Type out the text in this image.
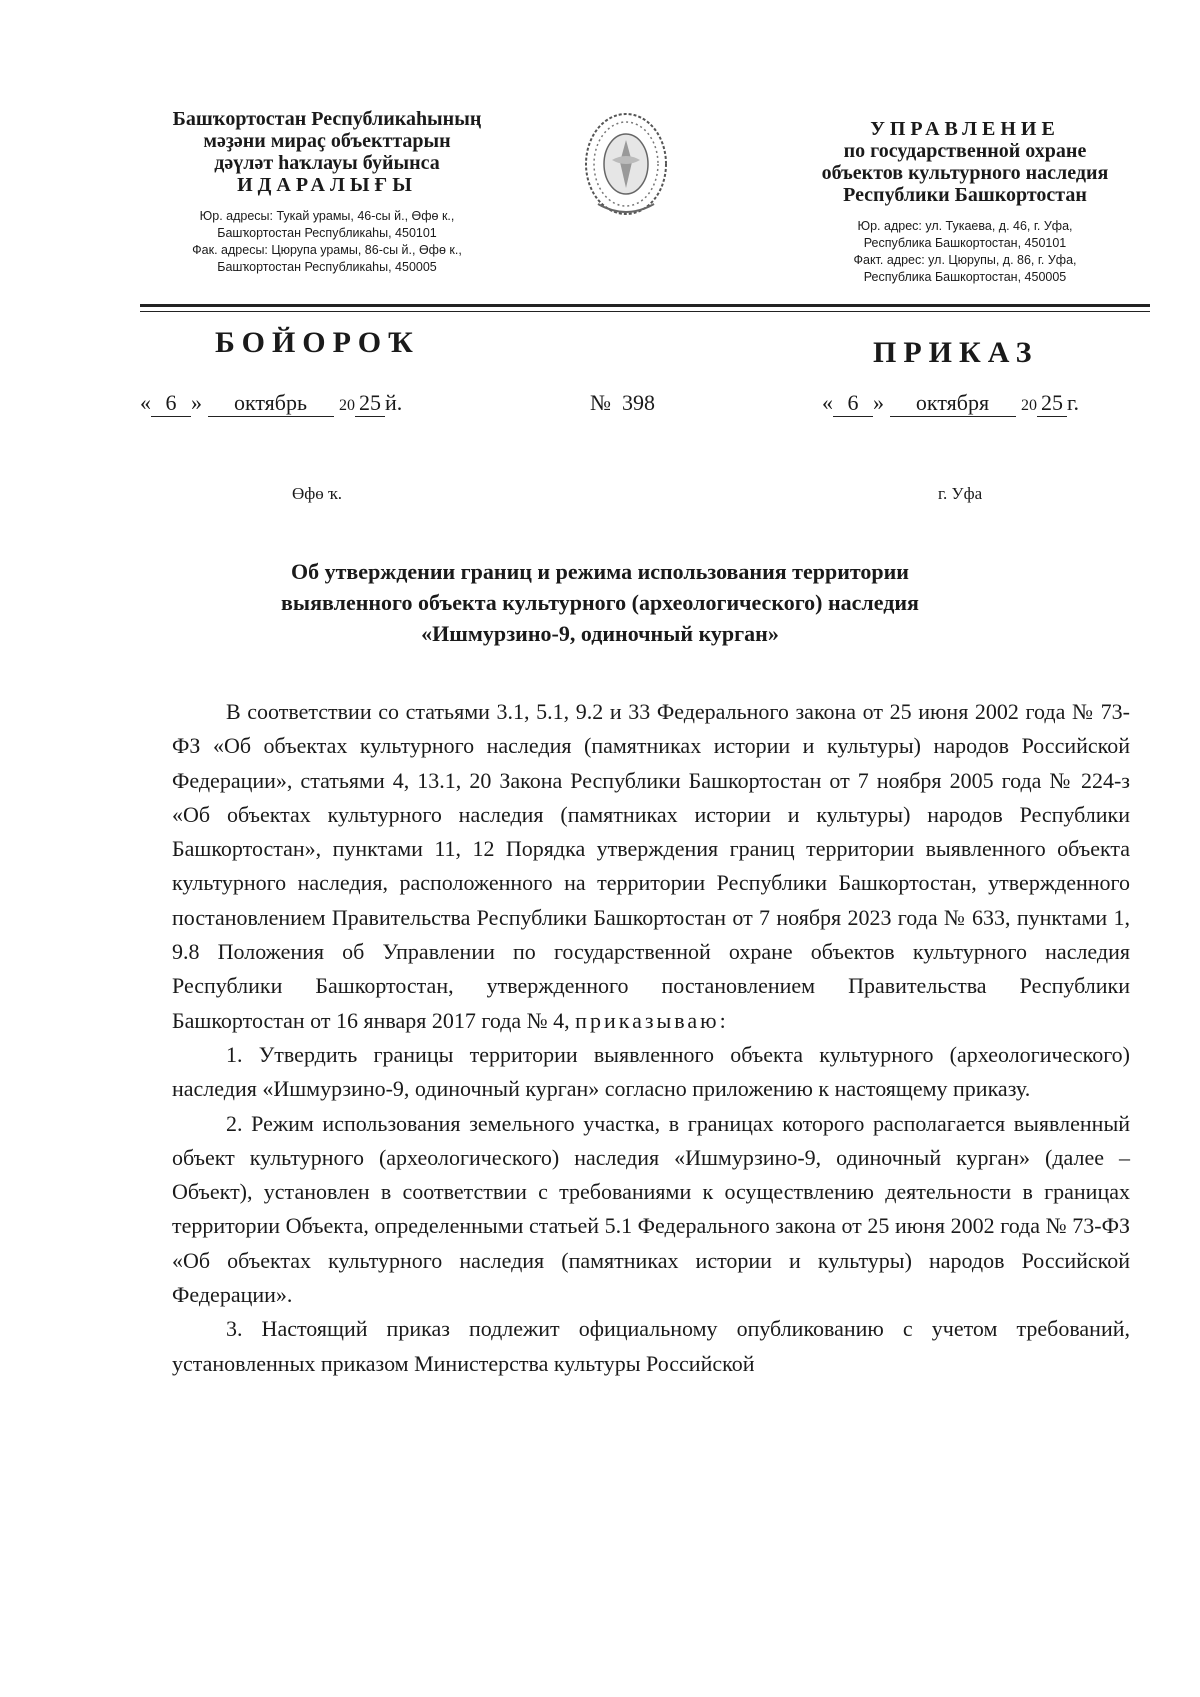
Башҡортостан Республикаһының

мәҙәни мираҫ объекттарын

дәүләт һаҡлауы буйынса

ИДАРАЛЫҒЫ

Юр. адресы: Тукай урамы, 46-сы й., Өфө к.,

Башҡортостан Республикаһы, 450101

Фак. адресы: Цюрупа урамы, 86-сы й., Өфө к.,

Башҡортостан Республикаһы, 450005

УПРАВЛЕНИЕ

по государственной охране

объектов культурного наследия

Республики Башкортостан

Юр. адрес: ул. Тукаева, д. 46, г. Уфа,

Республика Башкортостан, 450101

Факт. адрес: ул. Цюрупы, д. 86, г. Уфа,

Республика Башкортостан, 450005

БОЙОРОҠ	ПРИКАЗ
« 6 » октябрь 20 25 й.	№ 398	« 6 » октября 20 25 г.
Өфө ҡ.	г. Уфа
Об утверждении границ и режима использования территории
выявленного объекта культурного (археологического) наследия
«Ишмурзино-9, одиночный курган»

В соответствии со статьями 3.1, 5.1, 9.2 и 33 Федерального закона от 25 июня 2002 года № 73-ФЗ «Об объектах культурного наследия (памятниках истории и культуры) народов Российской Федерации», статьями 4, 13.1, 20 Закона Республики Башкортостан от 7 ноября 2005 года № 224-з «Об объектах культурного наследия (памятниках истории и культуры) народов Республики Башкортостан», пунктами 11, 12 Порядка утверждения границ территории выявленного объекта культурного наследия, расположенного на территории Республики Башкортостан, утвержденного постановлением Правительства Республики Башкортостан от 7 ноября 2023 года № 633, пунктами 1, 9.8 Положения об Управлении по государственной охране объектов культурного наследия Республики Башкортостан, утвержденного постановлением Правительства Республики Башкортостан от 16 января 2017 года № 4, приказываю:

1. Утвердить границы территории выявленного объекта культурного (археологического) наследия «Ишмурзино-9, одиночный курган» согласно приложению к настоящему приказу.

2. Режим использования земельного участка, в границах которого располагается выявленный объект культурного (археологического) наследия «Ишмурзино-9, одиночный курган» (далее – Объект), установлен в соответствии с требованиями к осуществлению деятельности в границах территории Объекта, определенными статьей 5.1 Федерального закона от 25 июня 2002 года № 73-ФЗ «Об объектах культурного наследия (памятниках истории и культуры) народов Российской Федерации».

3. Настоящий приказ подлежит официальному опубликованию с учетом требований, установленных приказом Министерства культуры Российской
